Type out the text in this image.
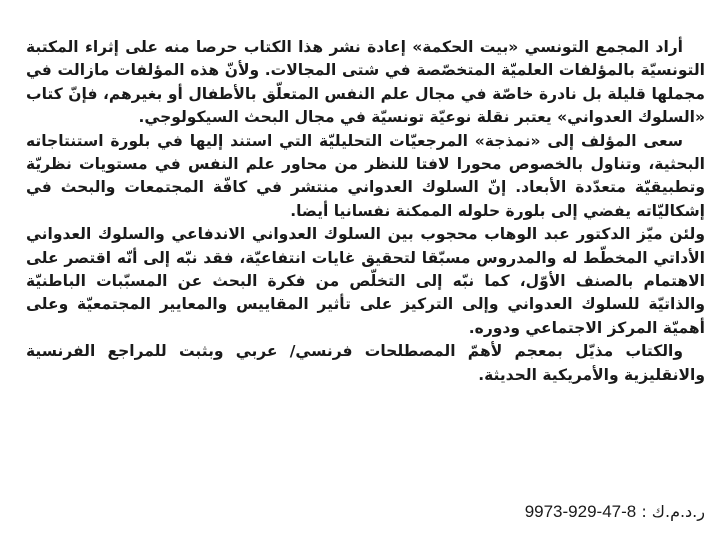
أراد المجمع التونسي «بيت الحكمة» إعادة نشر هذا الكتاب حرصا منه على إثراء المكتبة التونسيّة بالمؤلفات العلميّة المتخصّصة في شتى المجالات. ولأنّ هذه المؤلفات مازالت في مجملها قليلة بل نادرة خاصّة في مجال علم النفس المتعلّق بالأطفال أو بغيرهم، فإنّ كتاب «السلوك العدواني» يعتبر نقلة نوعيّة تونسيّة في مجال البحث السيكولوجي.

سعى المؤلف إلى «نمذجة» المرجعيّات التحليليّة التي استند إليها في بلورة استنتاجاته البحثية، وتناول بالخصوص محورا لافتا للنظر من محاور علم النفس في مستويات نظريّة وتطبيقيّة متعدّدة الأبعاد. إنّ السلوك العدواني منتشر في كافّة المجتمعات والبحث في إشكاليّاته يفضي إلى بلورة حلوله الممكنة نفسانيا أيضا.

ولئن ميّز الدكتور عبد الوهاب محجوب بين السلوك العدواني الاندفاعي والسلوك العدواني الأداتي المخطّط له والمدروس مسبّقا لتحقيق غايات انتفاعيّة، فقد نبّه إلى أنّه اقتصر على الاهتمام بالصنف الأوّل، كما نبّه إلى التخلّص من فكرة البحث عن المسبّبات الباطنيّة والذاتيّة للسلوك العدواني وإلى التركيز على تأثير المقاييس والمعايير المجتمعيّة وعلى أهميّة المركز الاجتماعي ودوره.

والكتاب مذيّل بمعجم لأهمّ المصطلحات فرنسي/ عربي وبثبت للمراجع الفرنسية والانقليزية والأمريكية الحديثة.

ر.د.م.ك : 9973-929-47-8
